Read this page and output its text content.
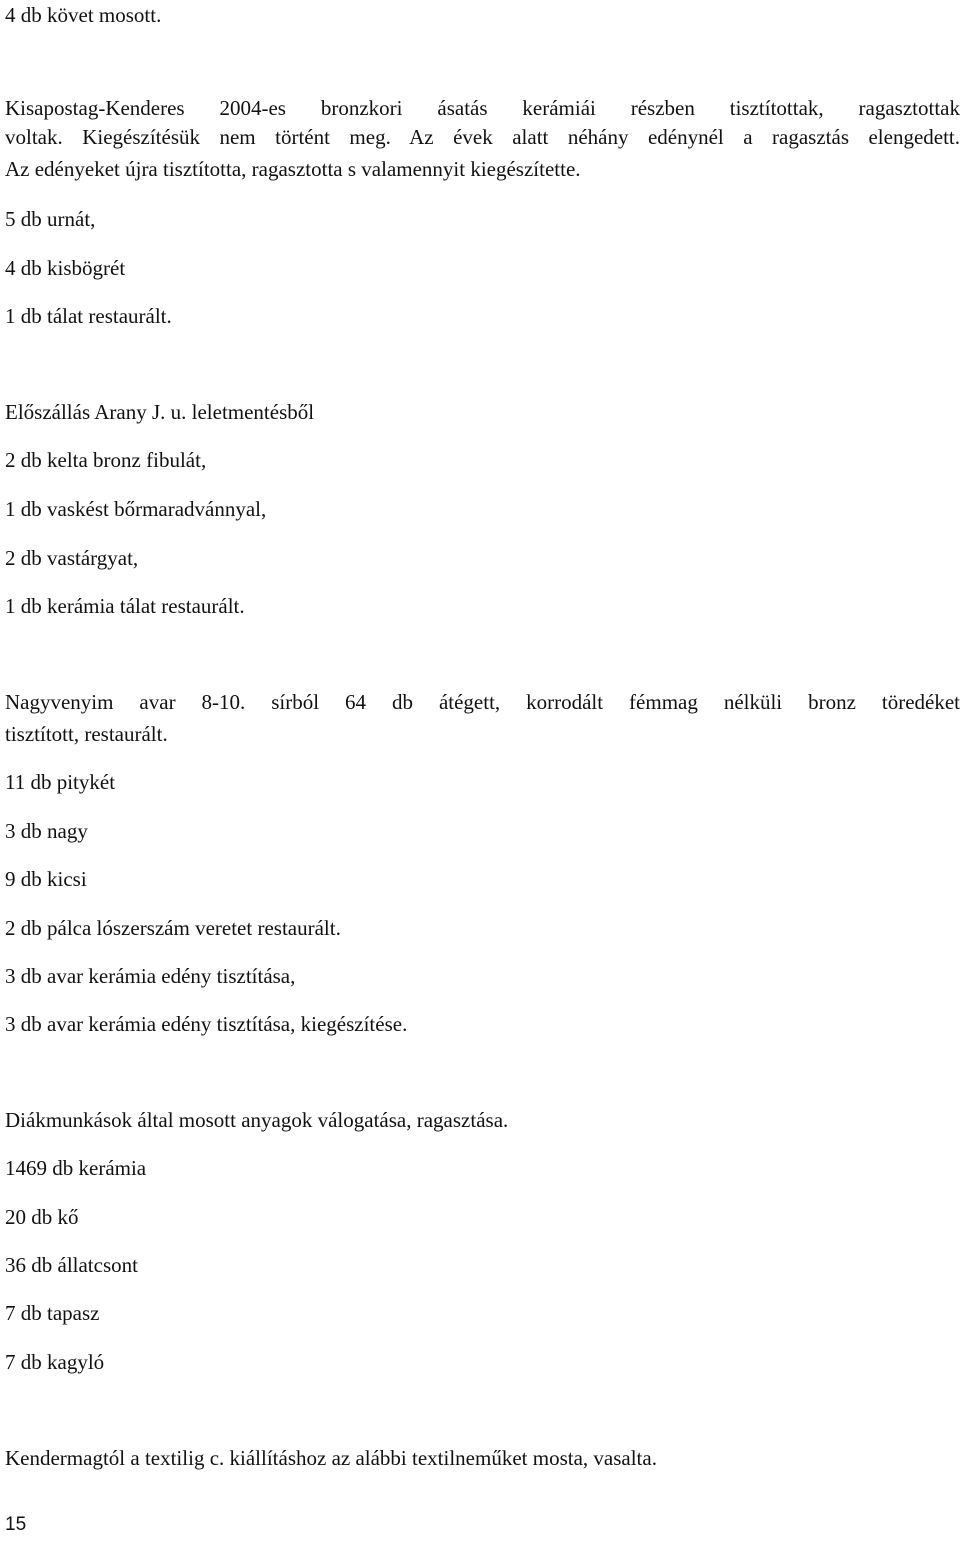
4 db követ mosott.

Kisapostag-Kenderes 2004-es bronzkori ásatás kerámiái részben tisztítottak, ragasztottak

voltak. Kiegészítésük nem történt meg. Az évek alatt néhány edénynél a ragasztás elengedett.

Az edényeket újra tisztította, ragasztotta s valamennyit kiegészítette.

5 db urnát,

4 db kisbögrét

1 db tálat restaurált.

Előszállás Arany J. u. leletmentésből

2 db kelta bronz fibulát,

1 db vaskést bőrmaradvánnyal,

2 db vastárgyat,

1 db kerámia tálat restaurált.

Nagyvenyim avar 8-10. sírból 64 db átégett, korrodált fémmag nélküli bronz töredéket

tisztított, restaurált.

11 db pitykét

3 db nagy

9 db kicsi

2 db pálca lószerszám veretet restaurált.

3 db avar kerámia edény tisztítása,

3 db avar kerámia edény tisztítása, kiegészítése.

Diákmunkások által mosott anyagok válogatása, ragasztása.

1469 db kerámia

20 db kő

36 db állatcsont

7 db tapasz

7 db kagyló

Kendermagtól a textilig c. kiállításhoz az alábbi textilneműket mosta, vasalta.

15
